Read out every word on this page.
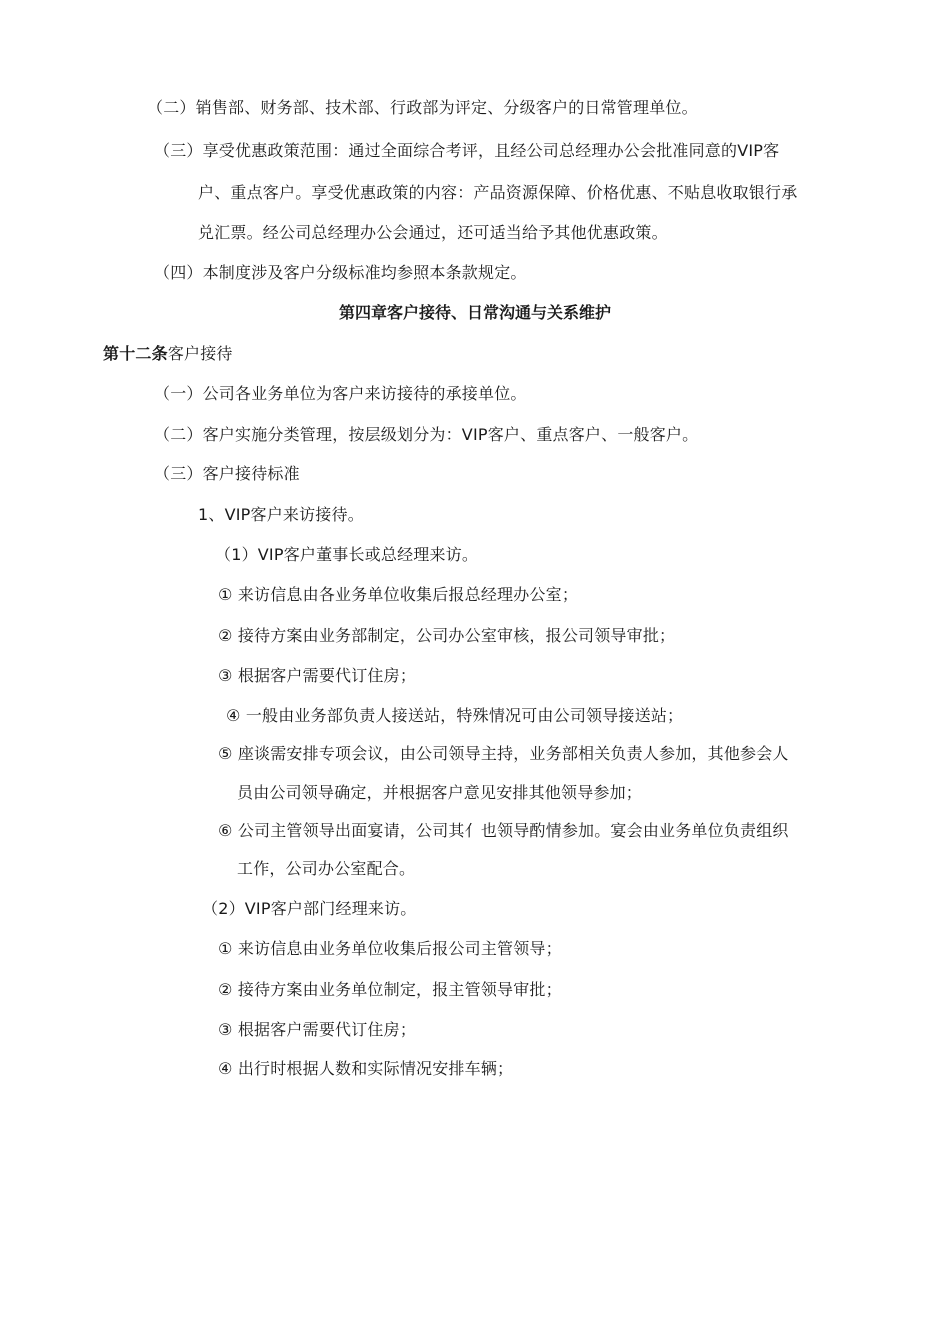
（二）销售部、财务部、技术部、行政部为评定、分级客户的日常管理单位。
（三）享受优惠政策范围：通过全面综合考评，且经公司总经理办公会批准同意的VIP客
户、重点客户。享受优惠政策的内容：产品资源保障、价格优惠、不贴息收取银行承
兑汇票。经公司总经理办公会通过，还可适当给予其他优惠政策。
（四）本制度涉及客户分级标准均参照本条款规定。
第四章客户接待、日常沟通与关系维护
第十二条客户接待
（一）公司各业务单位为客户来访接待的承接单位。
（二）客户实施分类管理，按层级划分为：VIP客户、重点客户、一般客户。
（三）客户接待标准
1、VIP客户来访接待。
（1）VIP客户董事长或总经理来访。
① 来访信息由各业务单位收集后报总经理办公室；
② 接待方案由业务部制定，公司办公室审核，报公司领导审批；
③ 根据客户需要代订住房；
④ 一般由业务部负责人接送站，特殊情况可由公司领导接送站；
⑤ 座谈需安排专项会议，由公司领导主持，业务部相关负责人参加，其他参会人
员由公司领导确定，并根据客户意见安排其他领导参加；
⑥ 公司主管领导出面宴请，公司其亻也领导酌情参加。宴会由业务单位负责组织
工作，公司办公室配合。
（2）VIP客户部门经理来访。
① 来访信息由业务单位收集后报公司主管领导；
② 接待方案由业务单位制定，报主管领导审批；
③ 根据客户需要代订住房；
④ 出行时根据人数和实际情况安排车辆；
